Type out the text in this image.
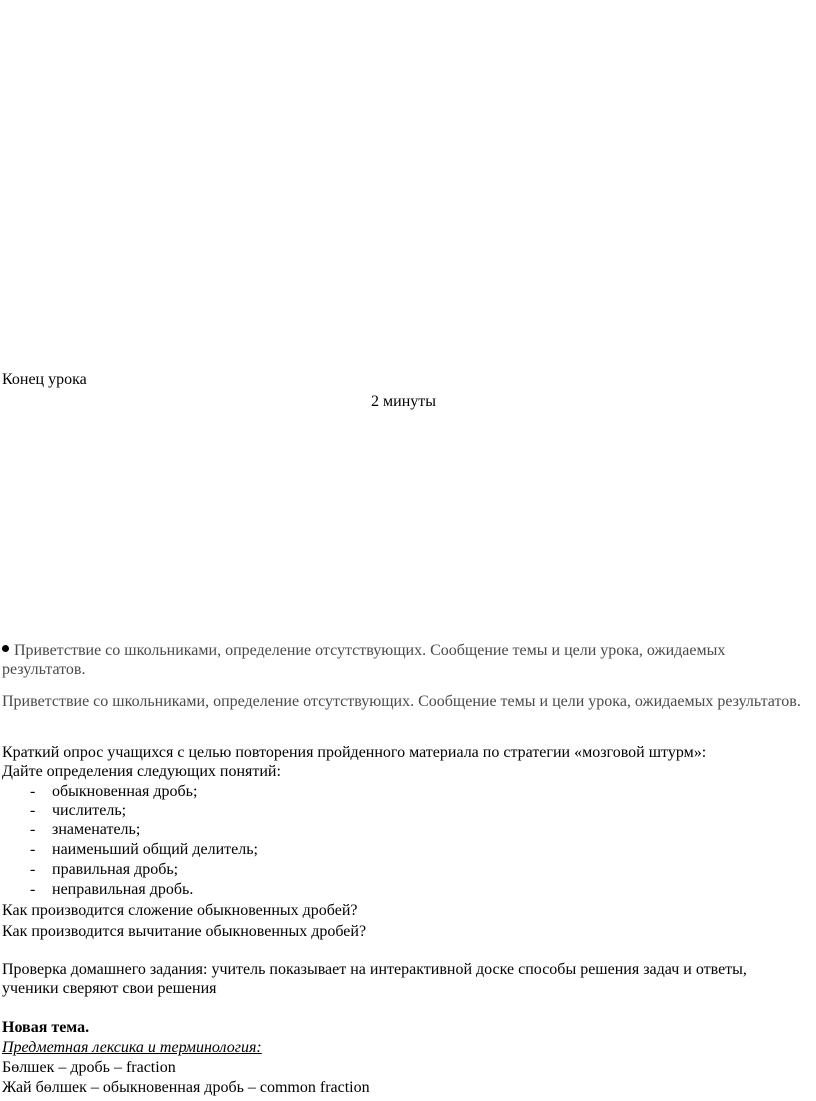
Конец урока
2 минуты
Приветствие со школьниками, определение отсутствующих. Сообщение темы и цели урока, ожидаемых результатов.
Приветствие со школьниками, определение отсутствующих. Сообщение темы и цели урока, ожидаемых результатов.
Краткий опрос учащихся с целью повторения пройденного материала по стратегии «мозговой штурм»:
Дайте определения следующих понятий:
- обыкновенная дробь;
- числитель;
- знаменатель;
- наименьший общий делитель;
- правильная дробь;
- неправильная дробь.
Как производится сложение обыкновенных дробей?
Как производится вычитание обыкновенных дробей?
Проверка домашнего задания: учитель показывает на интерактивной доске способы решения задач и ответы, ученики сверяют свои решения
Новая тема.
Предметная лексика и терминология:
Бөлшек – дробь – fraction
Жай бөлшек – обыкновенная дробь – common fraction
